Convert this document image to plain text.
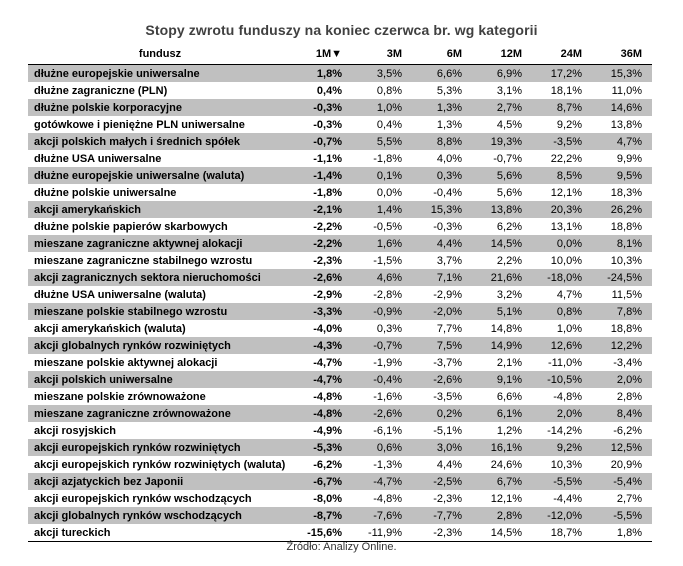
Stopy zwrotu funduszy na koniec czerwca br. wg kategorii
fundusz	1M▼	3M	6M	12M	24M	36M
dłużne europejskie uniwersalne	1,8%	3,5%	6,6%	6,9%	17,2%	15,3%
dłużne zagraniczne (PLN)	0,4%	0,8%	5,3%	3,1%	18,1%	11,0%
dłużne polskie korporacyjne	-0,3%	1,0%	1,3%	2,7%	8,7%	14,6%
gotówkowe i pieniężne PLN uniwersalne	-0,3%	0,4%	1,3%	4,5%	9,2%	13,8%
akcji polskich małych i średnich spółek	-0,7%	5,5%	8,8%	19,3%	-3,5%	4,7%
dłużne USA uniwersalne	-1,1%	-1,8%	4,0%	-0,7%	22,2%	9,9%
dłużne europejskie uniwersalne (waluta)	-1,4%	0,1%	0,3%	5,6%	8,5%	9,5%
dłużne polskie uniwersalne	-1,8%	0,0%	-0,4%	5,6%	12,1%	18,3%
akcji amerykańskich	-2,1%	1,4%	15,3%	13,8%	20,3%	26,2%
dłużne polskie papierów skarbowych	-2,2%	-0,5%	-0,3%	6,2%	13,1%	18,8%
mieszane zagraniczne aktywnej alokacji	-2,2%	1,6%	4,4%	14,5%	0,0%	8,1%
mieszane zagraniczne stabilnego wzrostu	-2,3%	-1,5%	3,7%	2,2%	10,0%	10,3%
akcji zagranicznych sektora nieruchomości	-2,6%	4,6%	7,1%	21,6%	-18,0%	-24,5%
dłużne USA uniwersalne (waluta)	-2,9%	-2,8%	-2,9%	3,2%	4,7%	11,5%
mieszane polskie stabilnego wzrostu	-3,3%	-0,9%	-2,0%	5,1%	0,8%	7,8%
akcji amerykańskich (waluta)	-4,0%	0,3%	7,7%	14,8%	1,0%	18,8%
akcji globalnych rynków rozwiniętych	-4,3%	-0,7%	7,5%	14,9%	12,6%	12,2%
mieszane polskie aktywnej alokacji	-4,7%	-1,9%	-3,7%	2,1%	-11,0%	-3,4%
akcji polskich uniwersalne	-4,7%	-0,4%	-2,6%	9,1%	-10,5%	2,0%
mieszane polskie zrównoważone	-4,8%	-1,6%	-3,5%	6,6%	-4,8%	2,8%
mieszane zagraniczne zrównoważone	-4,8%	-2,6%	0,2%	6,1%	2,0%	8,4%
akcji rosyjskich	-4,9%	-6,1%	-5,1%	1,2%	-14,2%	-6,2%
akcji europejskich rynków rozwiniętych	-5,3%	0,6%	3,0%	16,1%	9,2%	12,5%
akcji europejskich rynków rozwiniętych (waluta)	-6,2%	-1,3%	4,4%	24,6%	10,3%	20,9%
akcji azjatyckich bez Japonii	-6,7%	-4,7%	-2,5%	6,7%	-5,5%	-5,4%
akcji europejskich rynków wschodzących	-8,0%	-4,8%	-2,3%	12,1%	-4,4%	2,7%
akcji globalnych rynków wschodzących	-8,7%	-7,6%	-7,7%	2,8%	-12,0%	-5,5%
akcji tureckich	-15,6%	-11,9%	-2,3%	14,5%	18,7%	1,8%
Źródło: Analizy Online.
